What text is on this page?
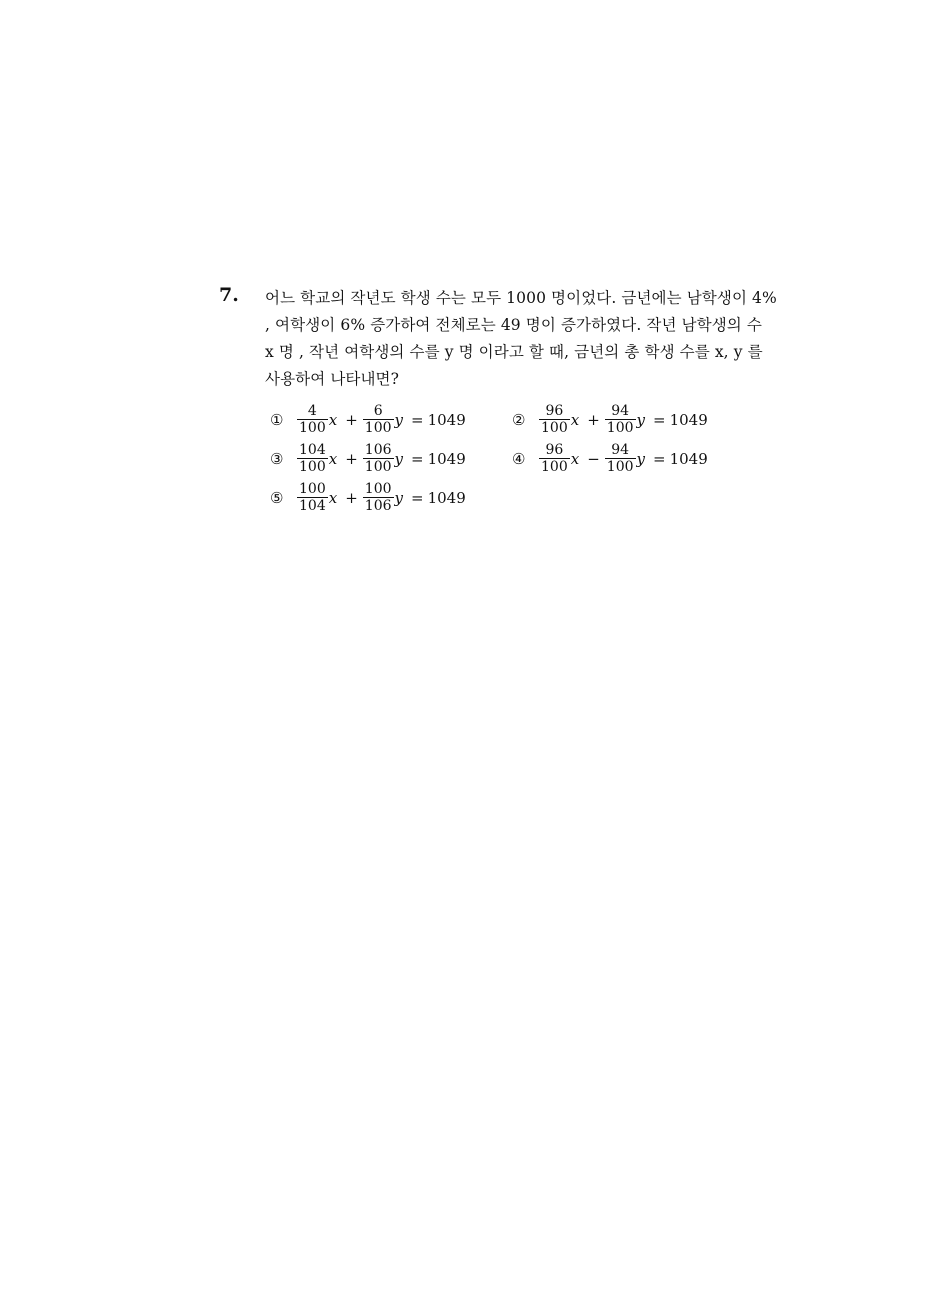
7. 어느 학교의 작년도 학생 수는 모두 1000 명이었다. 금년에는 남학생이 4%
, 여학생이 6% 증가하여 전체로는 49 명이 증가하였다. 작년 남학생의 수
x 명 , 작년 여학생의 수를 y 명 이라고 할 때, 금년의 총 학생 수를 x, y 를
사용하여 나타내면?
① $\frac{4}{100}$ $x + \frac{6}{100}$ y = 1049	② $\frac{96}{100}$ $x + \frac{94}{100}$ y = 1049
③ $\frac{104}{100}$ $x + \frac{106}{100}$ y = 1049	④ $\frac{96}{100}$ $x - \frac{94}{100}$ y = 1049
⑤ $\frac{100}{104}$ $x + \frac{100}{106}$ y = 1049
